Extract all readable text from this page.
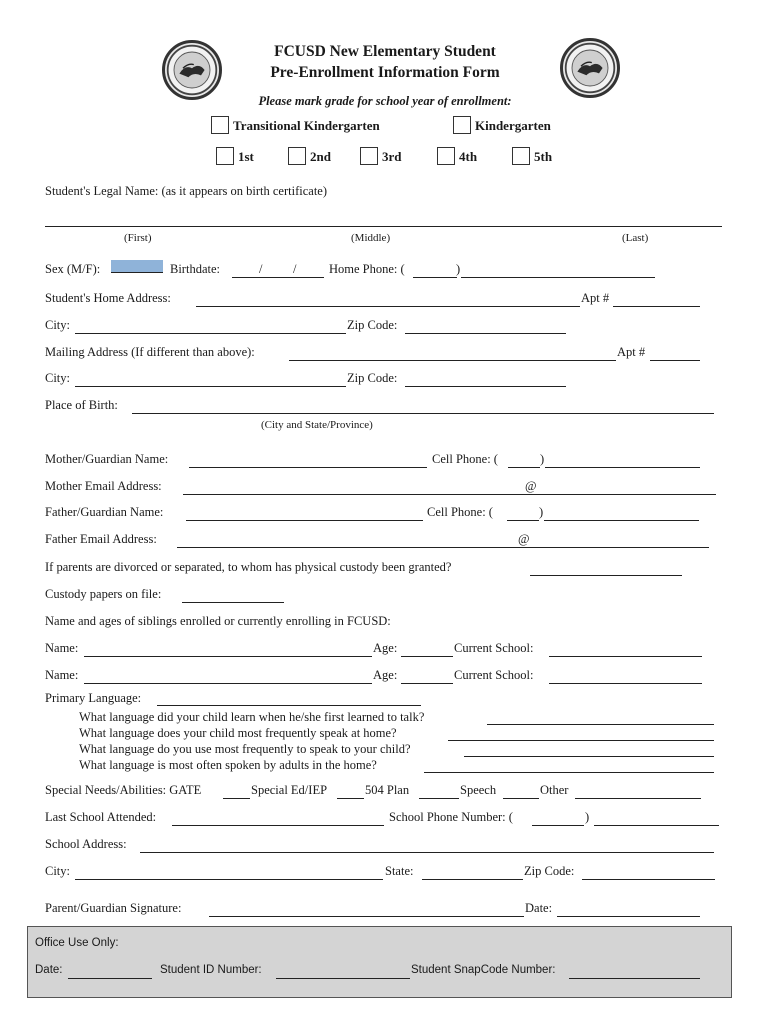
FCUSD New Elementary Student
Pre-Enrollment Information Form
Please mark grade for school year of enrollment:
Transitional Kindergarten	Kindergarten
1st	2nd	3rd	4th	5th
Student's Legal Name: (as it appears on birth certificate)
(First)	(Middle)	(Last)
Sex (M/F):	Birthdate:	/ /	Home Phone: (	)
Student's Home Address:	Apt #
City:	Zip Code:
Mailing Address (If different than above):	Apt #
City:	Zip Code:
Place of Birth:
(City and State/Province)
Mother/Guardian Name:	Cell Phone: (	)
Mother Email Address:	@
Father/Guardian Name:	Cell Phone: (	)
Father Email Address:	@
If parents are divorced or separated, to whom has physical custody been granted?
Custody papers on file:
Name and ages of siblings enrolled or currently enrolling in FCUSD:
Name:	Age:	Current School:
Name:	Age:	Current School:
Primary Language:
What language did your child learn when he/she first learned to talk?
What language does your child most frequently speak at home?
What language do you use most frequently to speak to your child?
What language is most often spoken by adults in the home?
Special Needs/Abilities: GATE	Special Ed/IEP	504 Plan	Speech	Other
Last School Attended:	School Phone Number: (	)
School Address:
City:	State:	Zip Code:
Parent/Guardian Signature:	Date:
Office Use Only:
Date:	Student ID Number:	Student SnapCode Number:
